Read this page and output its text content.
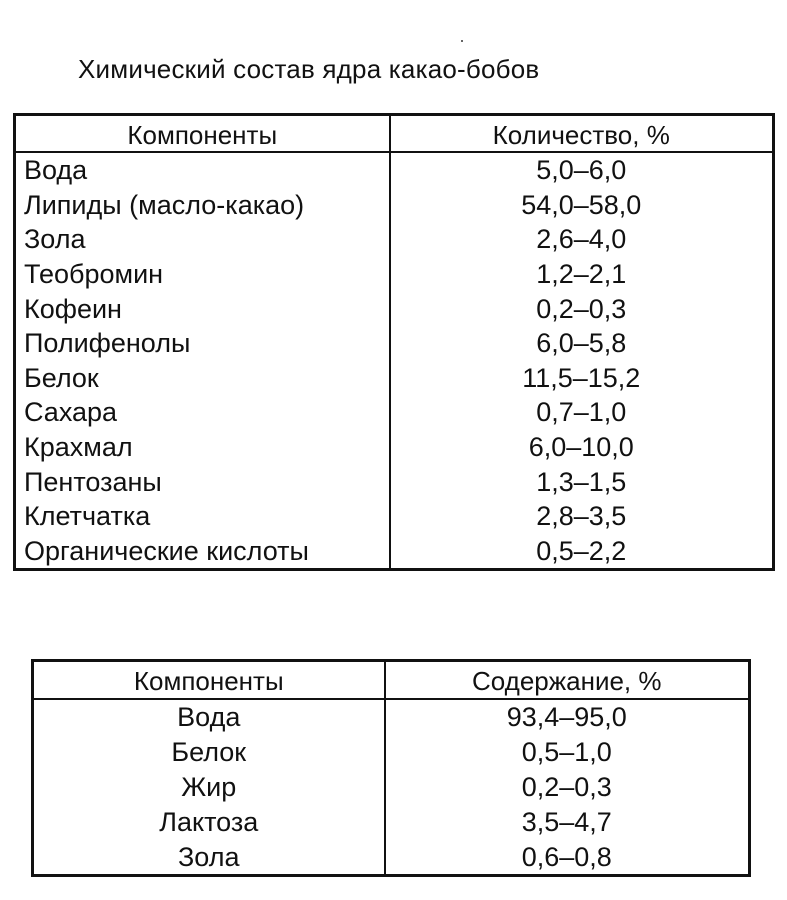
Химический состав ядра какао-бобов
Компоненты	Количество, %
Вода	5,0–6,0
Липиды (масло-какао)	54,0–58,0
Зола	2,6–4,0
Теобромин	1,2–2,1
Кофеин	0,2–0,3
Полифенолы	6,0–5,8
Белок	11,5–15,2
Сахара	0,7–1,0
Крахмал	6,0–10,0
Пентозаны	1,3–1,5
Клетчатка	2,8–3,5
Органические кислоты	0,5–2,2
Компоненты	Содержание, %
Вода	93,4–95,0
Белок	0,5–1,0
Жир	0,2–0,3
Лактоза	3,5–4,7
Зола	0,6–0,8
